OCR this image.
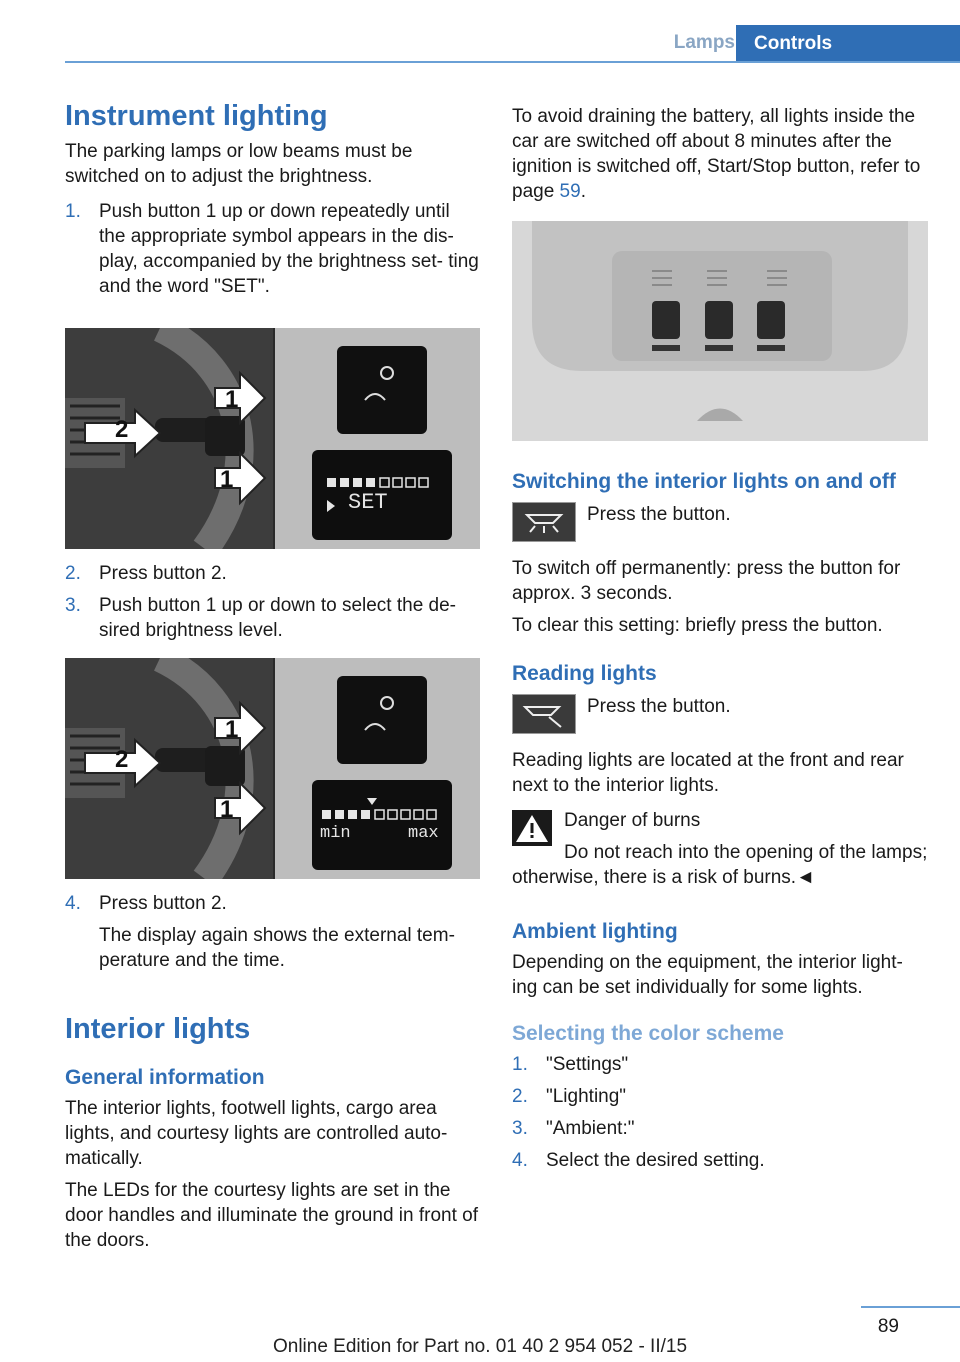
Lamps	Controls
Instrument lighting

The parking lamps or low beams must be switched on to adjust the brightness.

1. Push button 1 up or down repeatedly until the appropriate symbol appears in the dis- play, accompanied by the brightness set- ting and the word "SET".
2
1
1
SET
2. Press button 2.
3. Push button 1 up or down to select the de- sired brightness level.
2
1
1
min	max
4. Press button 2.
The display again shows the external tem- perature and the time.
Interior lights
General information

The interior lights, footwell lights, cargo area lights, and courtesy lights are controlled auto- matically.

The LEDs for the courtesy lights are set in the door handles and illuminate the ground in front of the doors.

To avoid draining the battery, all lights inside the car are switched off about 8 minutes after the ignition is switched off, Start/Stop button, refer to page 59.

Switching the interior lights on and off
Press the button.

To switch off permanently: press the button for approx. 3 seconds.

To clear this setting: briefly press the button.

Reading lights
Press the button.

Reading lights are located at the front and rear next to the interior lights.

Danger of burns

Do not reach into the opening of the lamps; otherwise, there is a risk of burns.◄

Ambient lighting

Depending on the equipment, the interior light- ing can be set individually for some lights.

Selecting the color scheme
1. "Settings"
2. "Lighting"
3. "Ambient:"
4. Select the desired setting.
89
Online Edition for Part no. 01 40 2 954 052 - II/15
